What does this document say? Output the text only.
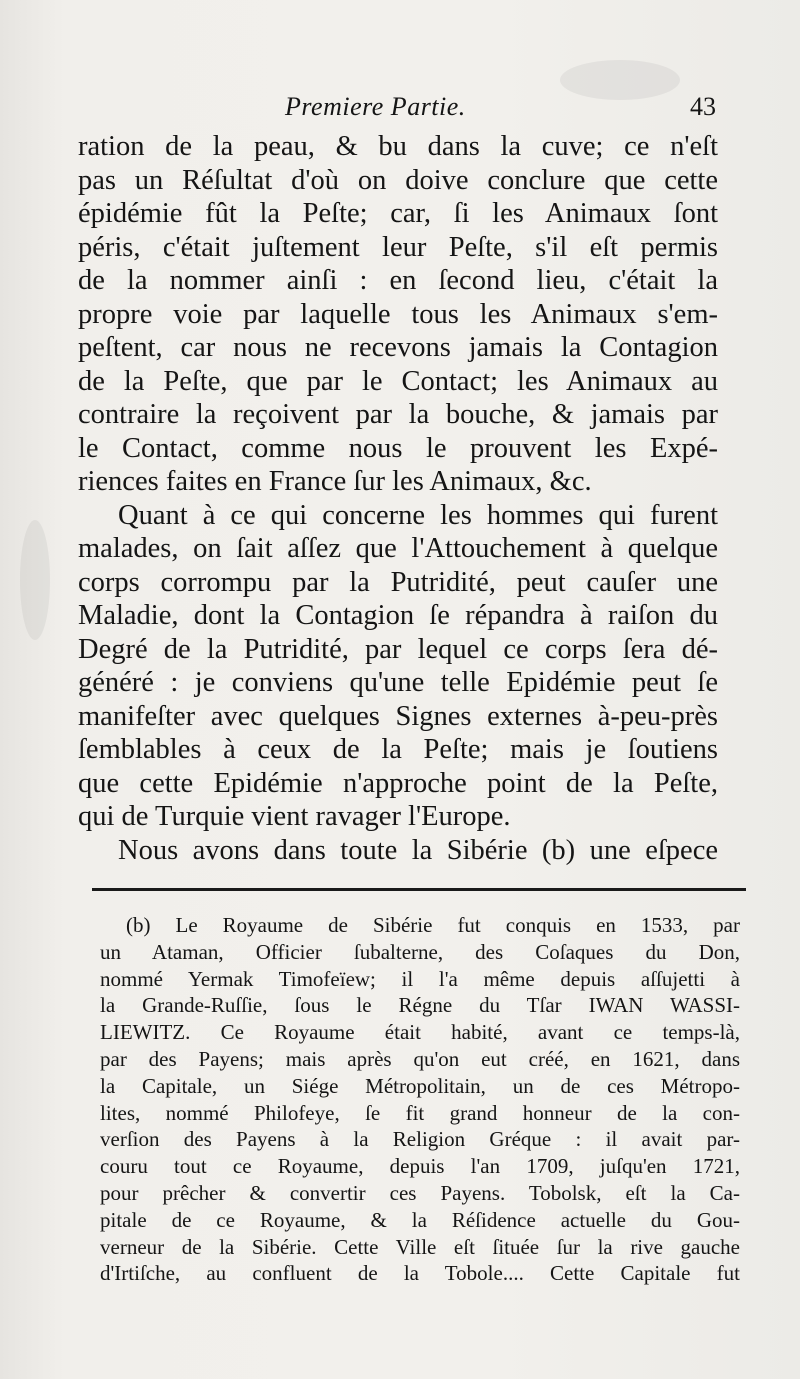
Premiere Partie.	43
ration de la peau, & bu dans la cuve; ce n'eſt
pas un Réſultat d'où on doive conclure que cette
épidémie fût la Peſte; car, ſi les Animaux ſont
péris, c'était juſtement leur Peſte, s'il eſt permis
de la nommer ainſi : en ſecond lieu, c'était la
propre voie par laquelle tous les Animaux s'em-
peſtent, car nous ne recevons jamais la Contagion
de la Peſte, que par le Contact; les Animaux au
contraire la reçoivent par la bouche, & jamais par
le Contact, comme nous le prouvent les Expé-
riences faites en France ſur les Animaux, &c.
Quant à ce qui concerne les hommes qui furent
malades, on ſait aſſez que l'Attouchement à quelque
corps corrompu par la Putridité, peut cauſer une
Maladie, dont la Contagion ſe répandra à raiſon du
Degré de la Putridité, par lequel ce corps ſera dé-
généré : je conviens qu'une telle Epidémie peut ſe
manifeſter avec quelques Signes externes à-peu-près
ſemblables à ceux de la Peſte; mais je ſoutiens
que cette Epidémie n'approche point de la Peſte,
qui de Turquie vient ravager l'Europe.
Nous avons dans toute la Sibérie (b) une eſpece
(b) Le Royaume de Sibérie fut conquis en 1533, par
un Ataman, Officier ſubalterne, des Coſaques du Don,
nommé Yermak Timofeïew; il l'a même depuis aſſujetti à
la Grande-Ruſſie, ſous le Régne du Tſar IWAN WASSI-
LIEWITZ. Ce Royaume était habité, avant ce temps-là,
par des Payens; mais après qu'on eut créé, en 1621, dans
la Capitale, un Siége Métropolitain, un de ces Métropo-
lites, nommé Philofeye, ſe fit grand honneur de la con-
verſion des Payens à la Religion Gréque : il avait par-
couru tout ce Royaume, depuis l'an 1709, juſqu'en 1721,
pour prêcher & convertir ces Payens. Tobolsk, eſt la Ca-
pitale de ce Royaume, & la Réſidence actuelle du Gou-
verneur de la Sibérie. Cette Ville eſt ſituée ſur la rive gauche
d'Irtiſche, au confluent de la Tobole.... Cette Capitale fut
